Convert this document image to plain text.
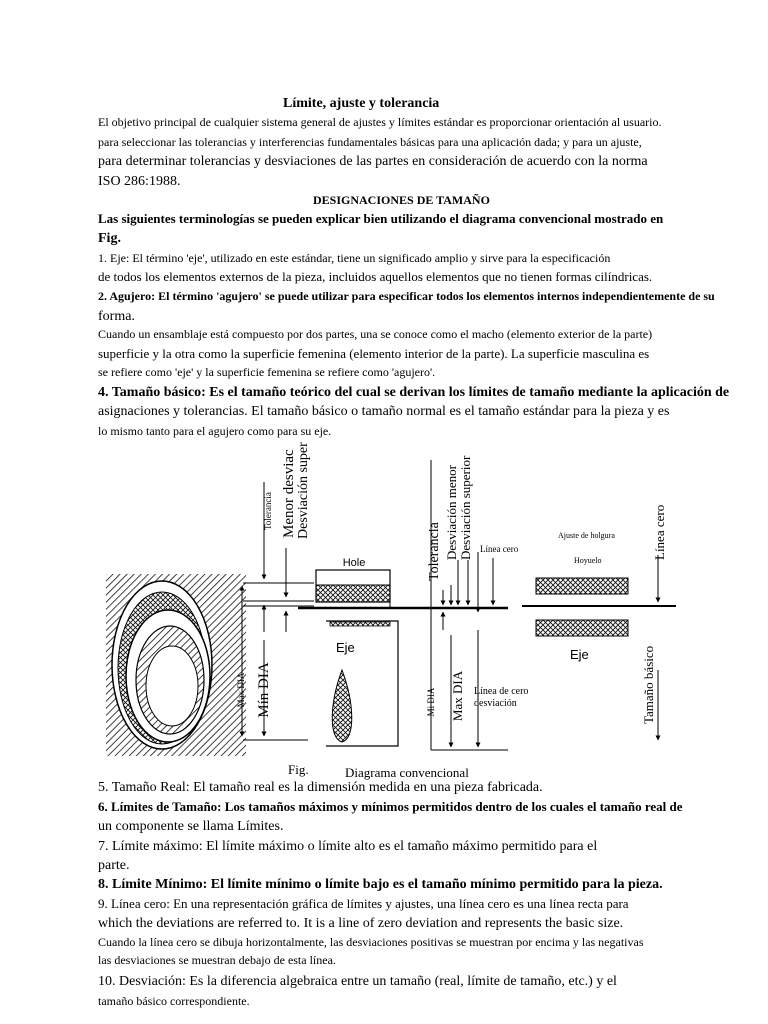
Límite, ajuste y tolerancia
El objetivo principal de cualquier sistema general de ajustes y límites estándar es proporcionar orientación al usuario.
para seleccionar las tolerancias y interferencias fundamentales básicas para una aplicación dada; y para un ajuste,
para determinar tolerancias y desviaciones de las partes en consideración de acuerdo con la norma
ISO 286:1988.
DESIGNACIONES DE TAMAÑO
Las siguientes terminologías se pueden explicar bien utilizando el diagrama convencional mostrado en
Fig.
1. Eje: El término 'eje', utilizado en este estándar, tiene un significado amplio y sirve para la especificación
de todos los elementos externos de la pieza, incluidos aquellos elementos que no tienen formas cilíndricas.
2. Agujero: El término 'agujero' se puede utilizar para especificar todos los elementos internos independientemente de su
forma.
Cuando un ensamblaje está compuesto por dos partes, una se conoce como el macho (elemento exterior de la parte)
superficie y la otra como la superficie femenina (elemento interior de la parte). La superficie masculina es
se refiere como 'eje' y la superficie femenina se refiere como 'agujero'.
4. Tamaño básico: Es el tamaño teórico del cual se derivan los límites de tamaño mediante la aplicación de
asignaciones y tolerancias. El tamaño básico o tamaño normal es el tamaño estándar para la pieza y es
lo mismo tanto para el agujero como para su eje.
Hole
Eje
Ajuste de holgura
Hoyuelo
Eje
Tolerancia Menor desviac Desviación super
Max DIA Mín DIA
Tolerancia Desviación menor Desviación superior Línea cero
Mi DIA Max DIA Línea de cero
desviación
Línea cero
Tamaño básico
Fig.	Diagrama convencional
5. Tamaño Real: El tamaño real es la dimensión medida en una pieza fabricada.
6. Límites de Tamaño: Los tamaños máximos y mínimos permitidos dentro de los cuales el tamaño real de
un componente se llama Límites.
7. Límite máximo: El límite máximo o límite alto es el tamaño máximo permitido para el
parte.
8. Límite Mínimo: El límite mínimo o límite bajo es el tamaño mínimo permitido para la pieza.
9. Línea cero: En una representación gráfica de límites y ajustes, una línea cero es una línea recta para
which the deviations are referred to. It is a line of zero deviation and represents the basic size.
Cuando la línea cero se dibuja horizontalmente, las desviaciones positivas se muestran por encima y las negativas
las desviaciones se muestran debajo de esta línea.
10. Desviación: Es la diferencia algebraica entre un tamaño (real, límite de tamaño, etc.) y el
tamaño básico correspondiente.
